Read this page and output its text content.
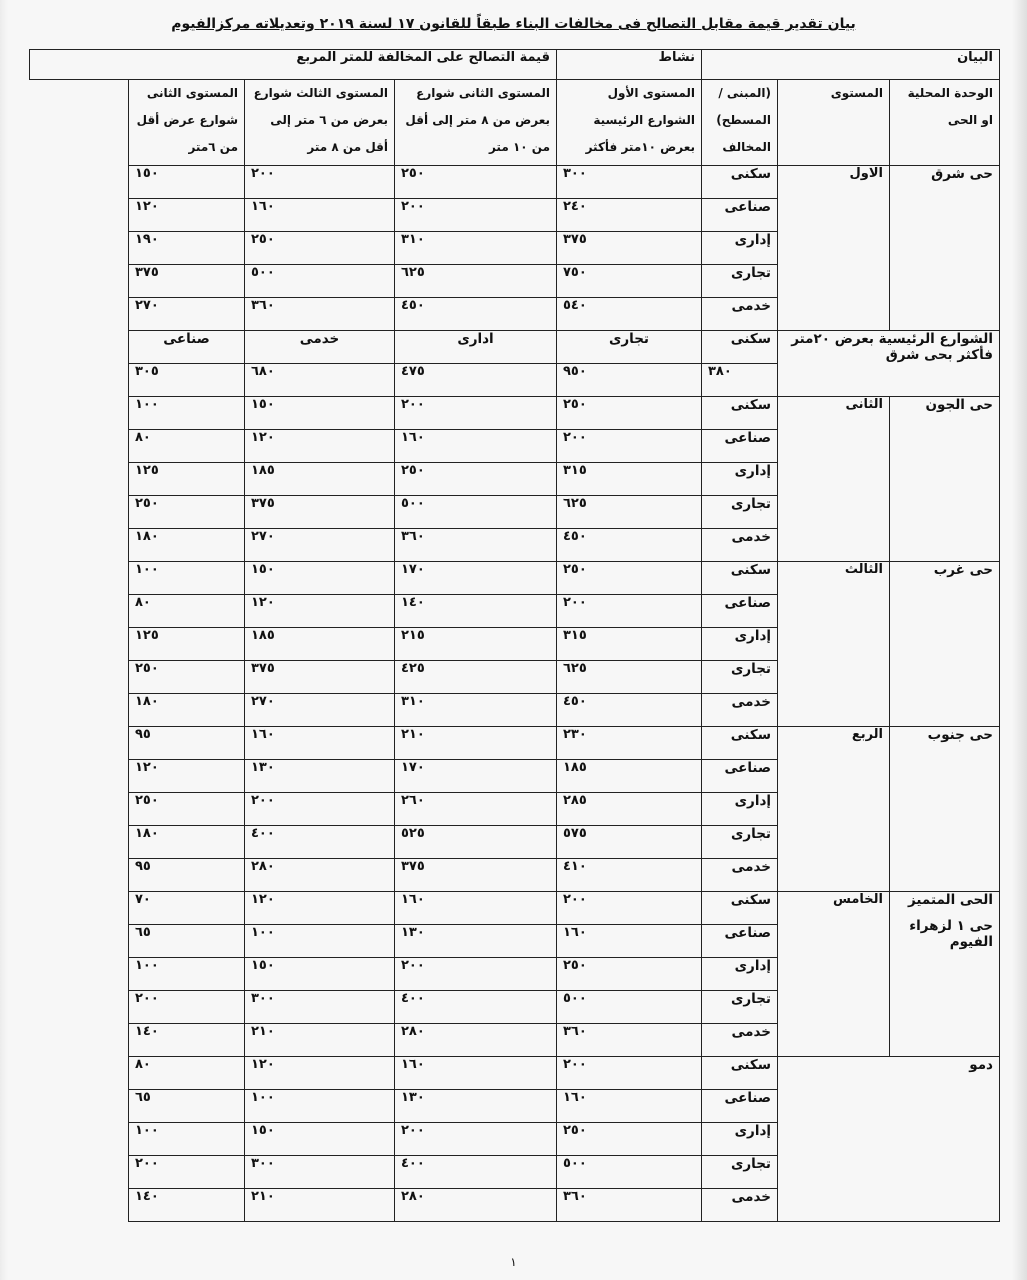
بيان تقدير قيمة مقابل التصالح فى مخالفات البناء طبقاً للقانون ١٧ لسنة ٢٠١٩ وتعديلاته مركزالفيوم
البيان			نشاط	قيمة التصالح على المخالفة للمتر المربع		
الوحدة المحلية او الحى	المستوى	(المبنى / المسطح) المخالف	المستوى الأول الشوارع الرئيسية بعرض ١٠متر فأكثر	المستوى الثانى شوارع بعرض من ٨ متر إلى أقل من ١٠ متر	المستوى الثالث شوارع بعرض من ٦ متر إلى أقل من ٨ متر	المستوى الثانى شوارع عرض أقل من ٦متر
حى شرق	الاول	سكنى	٣٠٠	٢٥٠	٢٠٠	١٥٠
		صناعى	٢٤٠	٢٠٠	١٦٠	١٢٠
		إدارى	٣٧٥	٣١٠	٢٥٠	١٩٠
		تجارى	٧٥٠	٦٢٥	٥٠٠	٣٧٥
		خدمى	٥٤٠	٤٥٠	٣٦٠	٢٧٠
الشوارع الرئيسية بعرض ٢٠متر فأكثر بحى شرق		سكنى	تجارى	ادارى	خدمى	صناعى
		٣٨٠	٩٥٠	٤٧٥	٦٨٠	٣٠٥
حى الجون	الثانى	سكنى	٢٥٠	٢٠٠	١٥٠	١٠٠
		صناعى	٢٠٠	١٦٠	١٢٠	٨٠
		إدارى	٣١٥	٢٥٠	١٨٥	١٢٥
		تجارى	٦٢٥	٥٠٠	٣٧٥	٢٥٠
		خدمى	٤٥٠	٣٦٠	٢٧٠	١٨٠
حى غرب	الثالث	سكنى	٢٥٠	١٧٠	١٥٠	١٠٠
		صناعى	٢٠٠	١٤٠	١٢٠	٨٠
		إدارى	٣١٥	٢١٥	١٨٥	١٢٥
		تجارى	٦٢٥	٤٢٥	٣٧٥	٢٥٠
		خدمى	٤٥٠	٣١٠	٢٧٠	١٨٠
حى جنوب	الربع	سكنى	٢٣٠	٢١٠	١٦٠	٩٥
		صناعى	١٨٥	١٧٠	١٣٠	١٢٠
		إدارى	٢٨٥	٢٦٠	٢٠٠	٢٥٠
		تجارى	٥٧٥	٥٢٥	٤٠٠	١٨٠
		خدمى	٤١٠	٣٧٥	٢٨٠	٩٥

الحى المتميز
حى ١ لزهراء الفيوم	الخامس	سكنى	٢٠٠	١٦٠	١٢٠	٧٠
		صناعى	١٦٠	١٣٠	١٠٠	٦٥
		إدارى	٢٥٠	٢٠٠	١٥٠	١٠٠
		تجارى	٥٠٠	٤٠٠	٣٠٠	٢٠٠
		خدمى	٣٦٠	٢٨٠	٢١٠	١٤٠
دمو		سكنى	٢٠٠	١٦٠	١٢٠	٨٠
		صناعى	١٦٠	١٣٠	١٠٠	٦٥
		إدارى	٢٥٠	٢٠٠	١٥٠	١٠٠
		تجارى	٥٠٠	٤٠٠	٣٠٠	٢٠٠
		خدمى	٣٦٠	٢٨٠	٢١٠	١٤٠
١
